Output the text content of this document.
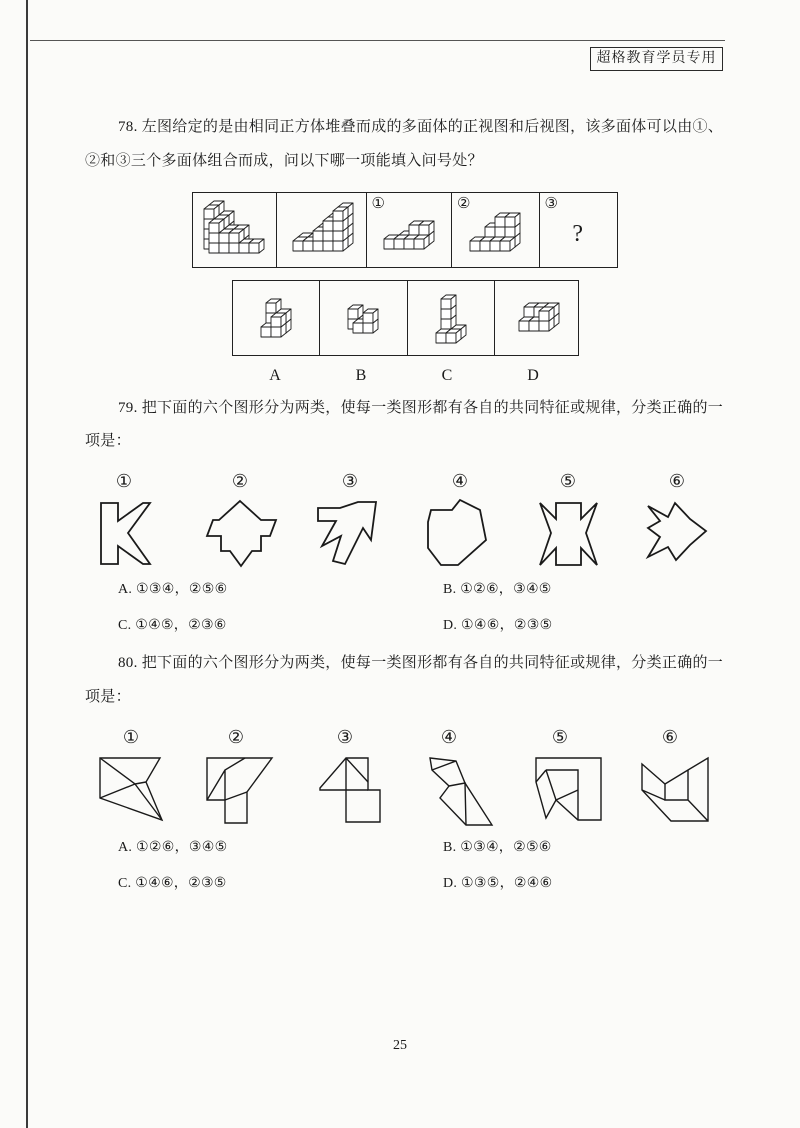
超格教育学员专用
78. 左图给定的是由相同正方体堆叠而成的多面体的正视图和后视图，该多面体可以由①、
②和③三个多面体组合而成，问以下哪一项能填入问号处？
①	②	③
?
A	B	C	D
79. 把下面的六个图形分为两类，使每一类图形都有各自的共同特征或规律，分类正确的一
项是：
①	②	③	④	⑤	⑥
A. ①③④，②⑤⑥	B. ①②⑥，③④⑤
C. ①④⑤，②③⑥	D. ①④⑥，②③⑤
80. 把下面的六个图形分为两类，使每一类图形都有各自的共同特征或规律，分类正确的一
项是：
①	②	③	④	⑤	⑥
A. ①②⑥，③④⑤	B. ①③④，②⑤⑥
C. ①④⑥，②③⑤	D. ①③⑤，②④⑥
25
